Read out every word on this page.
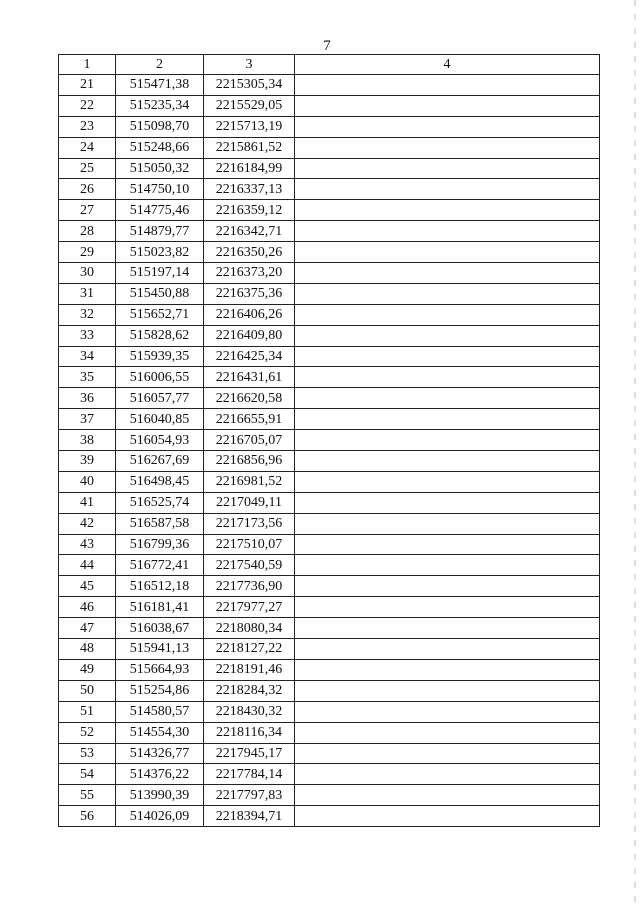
7
1	2	3	4
21	515471,38	2215305,34	
22	515235,34	2215529,05	
23	515098,70	2215713,19	
24	515248,66	2215861,52	
25	515050,32	2216184,99	
26	514750,10	2216337,13	
27	514775,46	2216359,12	
28	514879,77	2216342,71	
29	515023,82	2216350,26	
30	515197,14	2216373,20	
31	515450,88	2216375,36	
32	515652,71	2216406,26	
33	515828,62	2216409,80	
34	515939,35	2216425,34	
35	516006,55	2216431,61	
36	516057,77	2216620,58	
37	516040,85	2216655,91	
38	516054,93	2216705,07	
39	516267,69	2216856,96	
40	516498,45	2216981,52	
41	516525,74	2217049,11	
42	516587,58	2217173,56	
43	516799,36	2217510,07	
44	516772,41	2217540,59	
45	516512,18	2217736,90	
46	516181,41	2217977,27	
47	516038,67	2218080,34	
48	515941,13	2218127,22	
49	515664,93	2218191,46	
50	515254,86	2218284,32	
51	514580,57	2218430,32	
52	514554,30	2218116,34	
53	514326,77	2217945,17	
54	514376,22	2217784,14	
55	513990,39	2217797,83	
56	514026,09	2218394,71	
